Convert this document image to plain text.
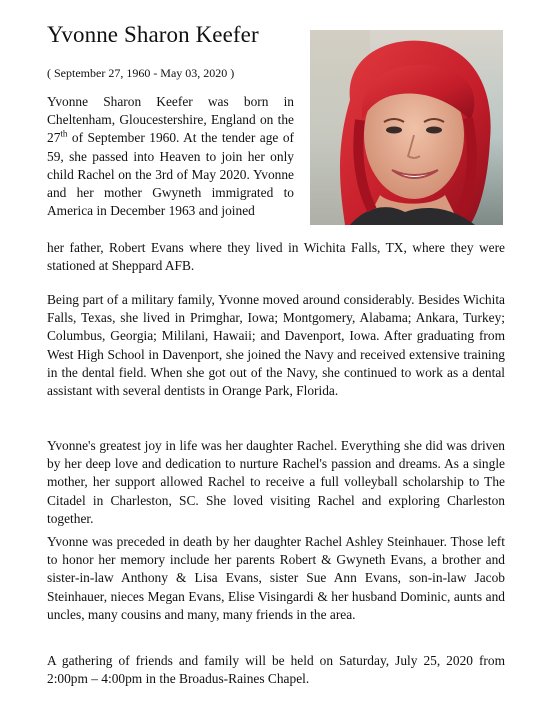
Yvonne Sharon Keefer

( September 27, 1960 - May 03, 2020 )

Yvonne Sharon Keefer was born in Cheltenham, Gloucestershire, England on the 27th of September 1960. At the tender age of 59, she passed into Heaven to join her only child Rachel on the 3rd of May 2020. Yvonne and her mother Gwyneth immigrated to America in December 1963 and joined

her father, Robert Evans where they lived in Wichita Falls, TX, where they were stationed at Sheppard AFB.

Being part of a military family, Yvonne moved around considerably. Besides Wichita Falls, Texas, she lived in Primghar, Iowa; Montgomery, Alabama; Ankara, Turkey; Columbus, Georgia; Mililani, Hawaii; and Davenport, Iowa. After graduating from West High School in Davenport, she joined the Navy and received extensive training in the dental field. When she got out of the Navy, she continued to work as a dental assistant with several dentists in Orange Park, Florida.

Yvonne's greatest joy in life was her daughter Rachel. Everything she did was driven by her deep love and dedication to nurture Rachel's passion and dreams. As a single mother, her support allowed Rachel to receive a full volleyball scholarship to The Citadel in Charleston, SC. She loved visiting Rachel and exploring Charleston together.

Yvonne was preceded in death by her daughter Rachel Ashley Steinhauer. Those left to honor her memory include her parents Robert & Gwyneth Evans, a brother and sister-in-law Anthony & Lisa Evans, sister Sue Ann Evans, son-in-law Jacob Steinhauer, nieces Megan Evans, Elise Visingardi & her husband Dominic, aunts and uncles, many cousins and many, many friends in the area.

A gathering of friends and family will be held on Saturday, July 25, 2020 from 2:00pm – 4:00pm in the Broadus-Raines Chapel.
